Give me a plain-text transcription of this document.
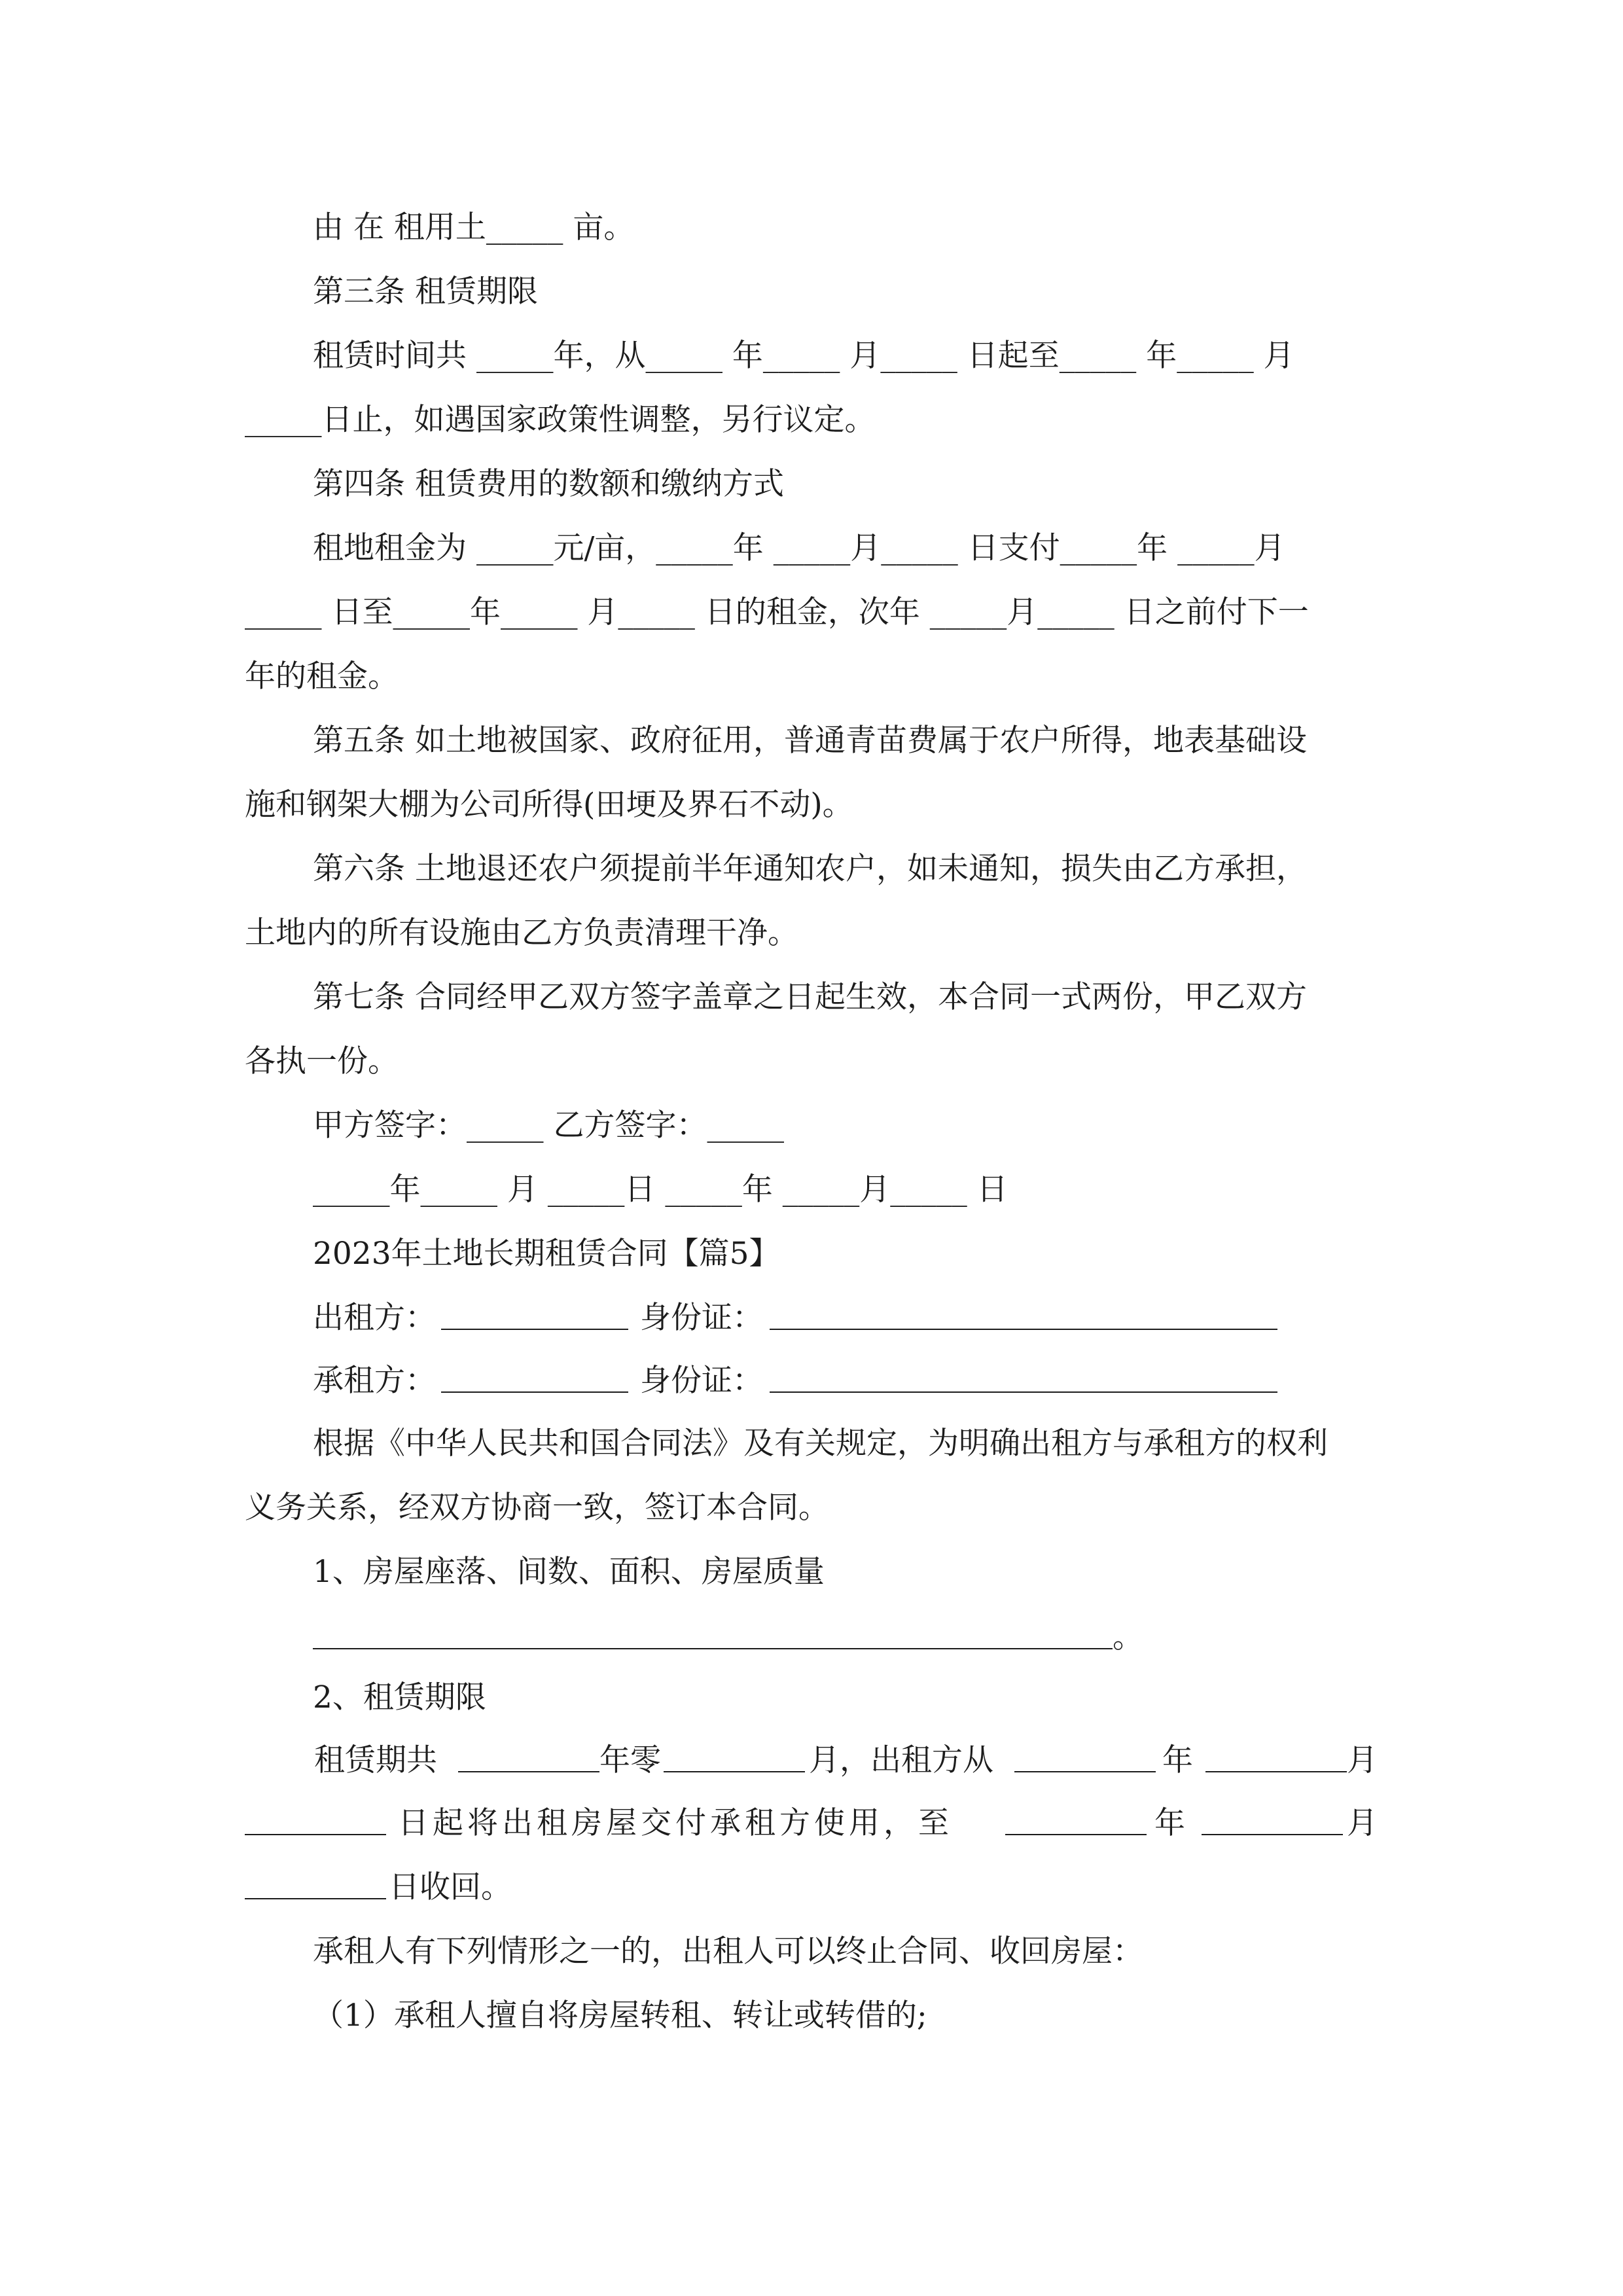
由 在 租用土_____ 亩。
第三条 租赁期限
租赁时间共 _____年，从_____ 年_____ 月_____ 日起至_____ 年_____ 月
_____日止，如遇国家政策性调整，另行议定。
第四条 租赁费用的数额和缴纳方式
租地租金为 _____元/亩，_____年 _____月_____ 日支付_____年 _____月
_____ 日至_____年_____ 月_____ 日的租金，次年 _____月_____ 日之前付下一
年的租金。
第五条 如土地被国家、政府征用，普通青苗费属于农户所得，地表基础设
施和钢架大棚为公司所得(田埂及界石不动)。
第六条 土地退还农户须提前半年通知农户，如未通知，损失由乙方承担，
土地内的所有设施由乙方负责清理干净。
第七条 合同经甲乙双方签字盖章之日起生效，本合同一式两份，甲乙双方
各执一份。
甲方签字：_____ 乙方签字：_____
_____年_____ 月 _____日 _____年 _____月_____ 日
2023年土地长期租赁合同【篇5】
出租方：	身份证：
承租方：	身份证：
根据《中华人民共和国合同法》及有关规定，为明确出租方与承租方的权利
义务关系，经双方协商一致，签订本合同。
1、房屋座落、间数、面积、房屋质量
。
2、租赁期限
租赁期共	年零	月，出租方从	年	月
日起将出租房屋交付承租方使用，至	年	月
日收回。
承租人有下列情形之一的，出租人可以终止合同、收回房屋：
（1）承租人擅自将房屋转租、转让或转借的;
